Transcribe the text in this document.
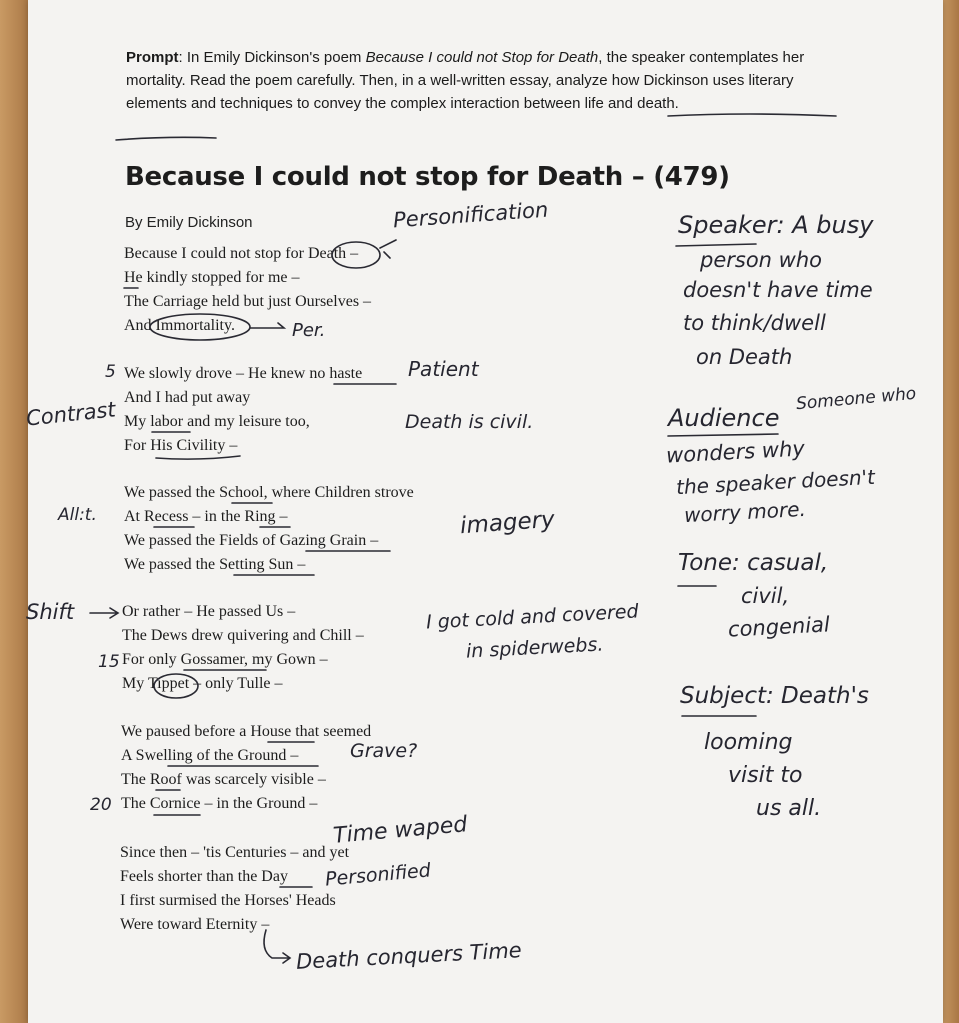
Prompt: In Emily Dickinson's poem Because I could not Stop for Death, the speaker contemplates her mortality. Read the poem carefully. Then, in a well-written essay, analyze how Dickinson uses literary elements and techniques to convey the complex interaction between life and death.
Because I could not stop for Death – (479)
By Emily Dickinson
Because I could not stop for Death –
He kindly stopped for me –
The Carriage held but just Ourselves –
And Immortality.
We slowly drove – He knew no haste
And I had put away
My labor and my leisure too,
For His Civility –
We passed the School, where Children strove
At Recess – in the Ring –
We passed the Fields of Gazing Grain –
We passed the Setting Sun –
Or rather – He passed Us –
The Dews drew quivering and Chill –
For only Gossamer, my Gown –
My Tippet – only Tulle –
We paused before a House that seemed
A Swelling of the Ground –
The Roof was scarcely visible –
The Cornice – in the Ground –
Since then – 'tis Centuries – and yet
Feels shorter than the Day
I first surmised the Horses' Heads
Were toward Eternity –
Personification
Per.
5	Patient
Contrast	Death is civil.
All:t.	imagery
Shift	I got cold and covered
in spiderwebs.
15
Grave?
20
Time waped
Personified
Death conquers Time
Speaker: A busy
person who
doesn't have time
to think/dwell
on Death
Audience
Someone who
wonders why
the speaker doesn't
worry more.
Tone: casual,
civil,
congenial
Subject: Death's
looming
visit to
us all.
